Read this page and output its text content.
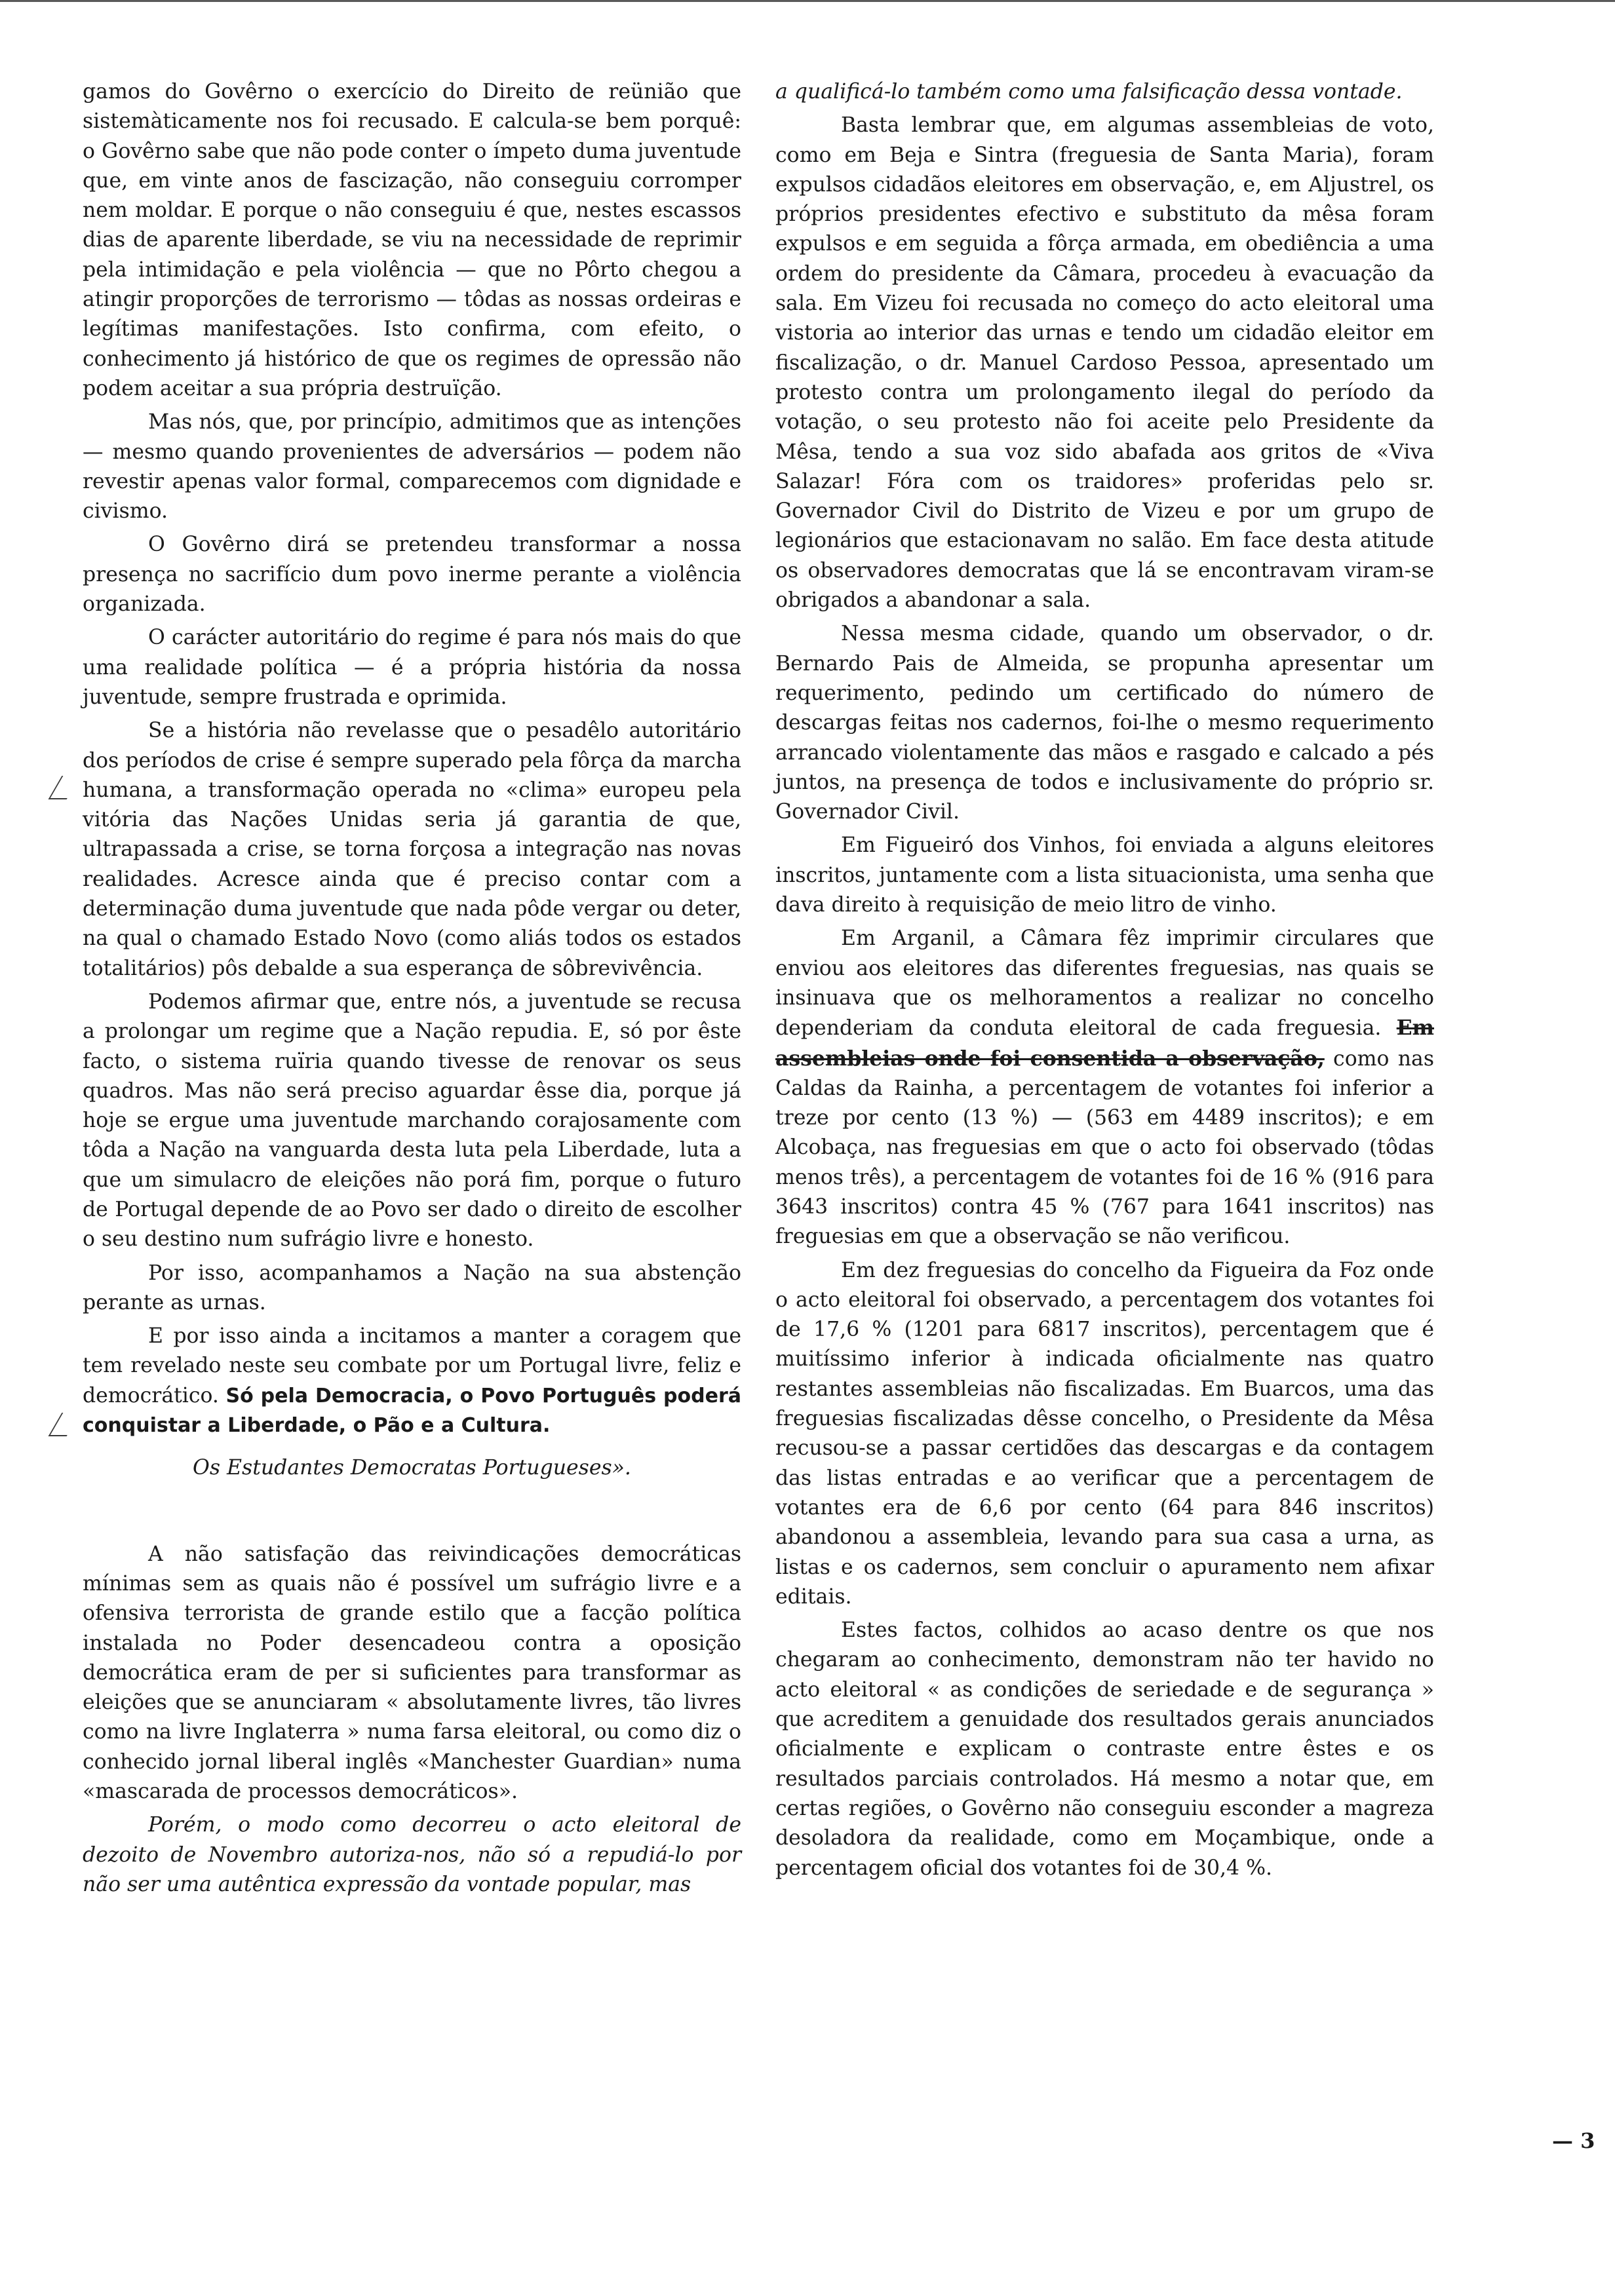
gamos do Govêrno o exercício do Direito de reünião que sistemàticamente nos foi recusado. E calcula-se bem porquê: o Govêrno sabe que não pode conter o ímpeto duma juventude que, em vinte anos de fascização, não conseguiu corromper nem moldar. E porque o não conseguiu é que, nestes escassos dias de aparente liberdade, se viu na necessidade de reprimir pela intimidação e pela violência — que no Pôrto chegou a atingir proporções de terrorismo — tôdas as nossas ordeiras e legítimas manifestações. Isto confirma, com efeito, o conhecimento já histórico de que os regimes de opressão não podem aceitar a sua própria destruïção.

Mas nós, que, por princípio, admitimos que as intenções — mesmo quando provenientes de adversários — podem não revestir apenas valor formal, comparecemos com dignidade e civismo.

O Govêrno dirá se pretendeu transformar a nossa presença no sacrifício dum povo inerme perante a violência organizada.

O carácter autoritário do regime é para nós mais do que uma realidade política — é a própria história da nossa juventude, sempre frustrada e oprimida.

Se a história não revelasse que o pesadêlo autoritário dos períodos de crise é sempre superado pela fôrça da marcha humana, a transformação operada no «clima» europeu pela vitória das Nações Unidas seria já garantia de que, ultrapassada a crise, se torna forçosa a integração nas novas realidades. Acresce ainda que é preciso contar com a determinação duma juventude que nada pôde vergar ou deter, na qual o chamado Estado Novo (como aliás todos os estados totalitários) pôs debalde a sua esperança de sôbrevivência.

Podemos afirmar que, entre nós, a juventude se recusa a prolongar um regime que a Nação repudia. E, só por êste facto, o sistema ruïria quando tivesse de renovar os seus quadros. Mas não será preciso aguardar êsse dia, porque já hoje se ergue uma juventude marchando corajosamente com tôda a Nação na vanguarda desta luta pela Liberdade, luta a que um simulacro de eleições não porá fim, porque o futuro de Portugal depende de ao Povo ser dado o direito de escolher o seu destino num sufrágio livre e honesto.

Por isso, acompanhamos a Nação na sua abstenção perante as urnas.

E por isso ainda a incitamos a manter a coragem que tem revelado neste seu combate por um Portugal livre, feliz e democrático. Só pela Democracia, o Povo Português poderá conquistar a Liberdade, o Pão e a Cultura.

Os Estudantes Democratas Portugueses».

A não satisfação das reivindicações democráticas mínimas sem as quais não é possível um sufrágio livre e a ofensiva terrorista de grande estilo que a facção política instalada no Poder desencadeou contra a oposição democrática eram de per si suficientes para transformar as eleições que se anunciaram « absolutamente livres, tão livres como na livre Inglaterra » numa farsa eleitoral, ou como diz o conhecido jornal liberal inglês «Manchester Guardian» numa «mascarada de processos democráticos».

Porém, o modo como decorreu o acto eleitoral de dezoito de Novembro autoriza-nos, não só a repudiá-lo por não ser uma autêntica expressão da vontade popular, mas

a qualificá-lo também como uma falsificação dessa vontade.

Basta lembrar que, em algumas assembleias de voto, como em Beja e Sintra (freguesia de Santa Maria), foram expulsos cidadãos eleitores em observação, e, em Aljustrel, os próprios presidentes efectivo e substituto da mêsa foram expulsos e em seguida a fôrça armada, em obediência a uma ordem do presidente da Câmara, procedeu à evacuação da sala. Em Vizeu foi recusada no começo do acto eleitoral uma vistoria ao interior das urnas e tendo um cidadão eleitor em fiscalização, o dr. Manuel Cardoso Pessoa, apresentado um protesto contra um prolongamento ilegal do período da votação, o seu protesto não foi aceite pelo Presidente da Mêsa, tendo a sua voz sido abafada aos gritos de «Viva Salazar! Fóra com os traidores» proferidas pelo sr. Governador Civil do Distrito de Vizeu e por um grupo de legionários que estacionavam no salão. Em face desta atitude os observadores democratas que lá se encontravam viram-se obrigados a abandonar a sala.

Nessa mesma cidade, quando um observador, o dr. Bernardo Pais de Almeida, se propunha apresentar um requerimento, pedindo um certificado do número de descargas feitas nos cadernos, foi-lhe o mesmo requerimento arrancado violentamente das mãos e rasgado e calcado a pés juntos, na presença de todos e inclusivamente do próprio sr. Governador Civil.

Em Figueiró dos Vinhos, foi enviada a alguns eleitores inscritos, juntamente com a lista situacionista, uma senha que dava direito à requisição de meio litro de vinho.

Em Arganil, a Câmara fêz imprimir circulares que enviou aos eleitores das diferentes freguesias, nas quais se insinuava que os melhoramentos a realizar no concelho dependeriam da conduta eleitoral de cada freguesia. Em assembleias onde foi consentida a observação, como nas Caldas da Rainha, a percentagem de votantes foi inferior a treze por cento (13 %) — (563 em 4489 inscritos); e em Alcobaça, nas freguesias em que o acto foi observado (tôdas menos três), a percentagem de votantes foi de 16 % (916 para 3643 inscritos) contra 45 % (767 para 1641 inscritos) nas freguesias em que a observação se não verificou.

Em dez freguesias do concelho da Figueira da Foz onde o acto eleitoral foi observado, a percentagem dos votantes foi de 17,6 % (1201 para 6817 inscritos), percentagem que é muitíssimo inferior à indicada oficialmente nas quatro restantes assembleias não fiscalizadas. Em Buarcos, uma das freguesias fiscalizadas dêsse concelho, o Presidente da Mêsa recusou-se a passar certidões das descargas e da contagem das listas entradas e ao verificar que a percentagem de votantes era de 6,6 por cento (64 para 846 inscritos) abandonou a assembleia, levando para sua casa a urna, as listas e os cadernos, sem concluir o apuramento nem afixar editais.

Estes factos, colhidos ao acaso dentre os que nos chegaram ao conhecimento, demonstram não ter havido no acto eleitoral « as condições de seriedade e de segurança » que acreditem a genuidade dos resultados gerais anunciados oficialmente e explicam o contraste entre êstes e os resultados parciais controlados. Há mesmo a notar que, em certas regiões, o Govêrno não conseguiu esconder a magreza desoladora da realidade, como em Moçambique, onde a percentagem oficial dos votantes foi de 30,4 %.

— 3
